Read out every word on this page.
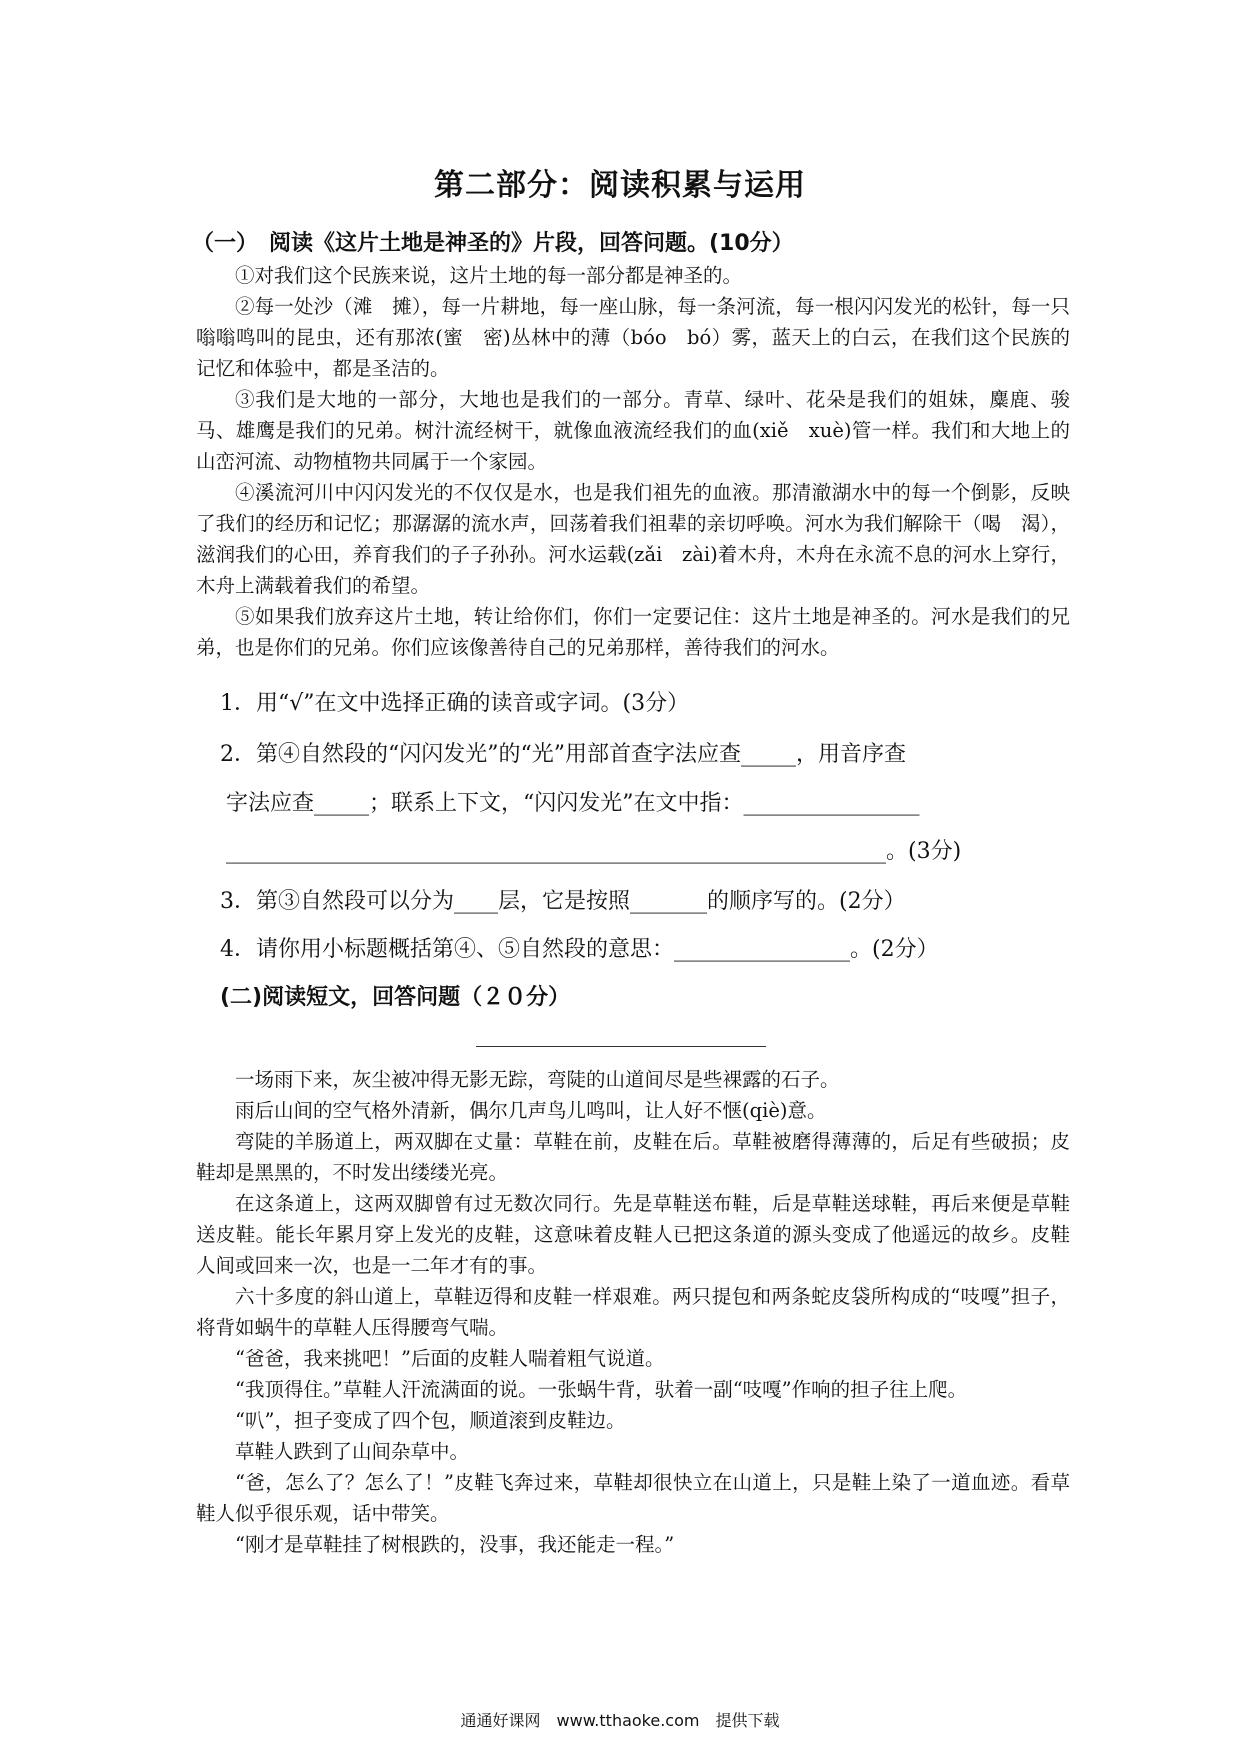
第二部分：阅读积累与运用
（一）　阅读《这片土地是神圣的》片段，回答问题。(10分）

①对我们这个民族来说，这片土地的每一部分都是神圣的。

②每一处沙（滩　摊），每一片耕地，每一座山脉，每一条河流，每一根闪闪发光的松针，每一只嗡嗡鸣叫的昆虫，还有那浓(蜜　密)丛林中的薄（bóo　bó）雾，蓝天上的白云，在我们这个民族的记忆和体验中，都是圣洁的。

③我们是大地的一部分，大地也是我们的一部分。青草、绿叶、花朵是我们的姐妹，麋鹿、骏马、雄鹰是我们的兄弟。树汁流经树干，就像血液流经我们的血(xiě　xuè)管一样。我们和大地上的山峦河流、动物植物共同属于一个家园。

④溪流河川中闪闪发光的不仅仅是水，也是我们祖先的血液。那清澈湖水中的每一个倒影，反映了我们的经历和记忆；那潺潺的流水声，回荡着我们祖辈的亲切呼唤。河水为我们解除干（喝　渴），滋润我们的心田，养育我们的子子孙孙。河水运载(zǎi　zài)着木舟，木舟在永流不息的河水上穿行，木舟上满载着我们的希望。

⑤如果我们放弃这片土地，转让给你们，你们一定要记住：这片土地是神圣的。河水是我们的兄弟，也是你们的兄弟。你们应该像善待自己的兄弟那样，善待我们的河水。

1．用“√”在文中选择正确的读音或字词。(3分）
2．第④自然段的“闪闪发光”的“光”用部首查字法应查_____，用音序查
字法应查_____；联系上下文，“闪闪发光”在文中指：________________
____________________________________________________________。(3分)
3．第③自然段可以分为____层，它是按照_______的顺序写的。(2分）
4．请你用小标题概括第④、⑤自然段的意思：________________。(2分）
(二)阅读短文，回答问题（２０分）

一场雨下来，灰尘被冲得无影无踪，弯陡的山道间尽是些裸露的石子。

雨后山间的空气格外清新，偶尔几声鸟儿鸣叫，让人好不惬(qiè)意。

弯陡的羊肠道上，两双脚在丈量：草鞋在前，皮鞋在后。草鞋被磨得薄薄的，后足有些破损；皮鞋却是黑黑的，不时发出缕缕光亮。

在这条道上，这两双脚曾有过无数次同行。先是草鞋送布鞋，后是草鞋送球鞋，再后来便是草鞋送皮鞋。能长年累月穿上发光的皮鞋，这意味着皮鞋人已把这条道的源头变成了他遥远的故乡。皮鞋人间或回来一次，也是一二年才有的事。

六十多度的斜山道上，草鞋迈得和皮鞋一样艰难。两只提包和两条蛇皮袋所构成的“吱嘎”担子，将背如蜗牛的草鞋人压得腰弯气喘。

“爸爸，我来挑吧！”后面的皮鞋人喘着粗气说道。

“我顶得住。”草鞋人汗流满面的说。一张蜗牛背，驮着一副“吱嘎”作响的担子往上爬。

“叭”，担子变成了四个包，顺道滚到皮鞋边。

草鞋人跌到了山间杂草中。

“爸，怎么了？怎么了！”皮鞋飞奔过来，草鞋却很快立在山道上，只是鞋上染了一道血迹。看草鞋人似乎很乐观，话中带笑。

“刚才是草鞋挂了树根跌的，没事，我还能走一程。”

通通好课网　www.tthaoke.com　提供下载
